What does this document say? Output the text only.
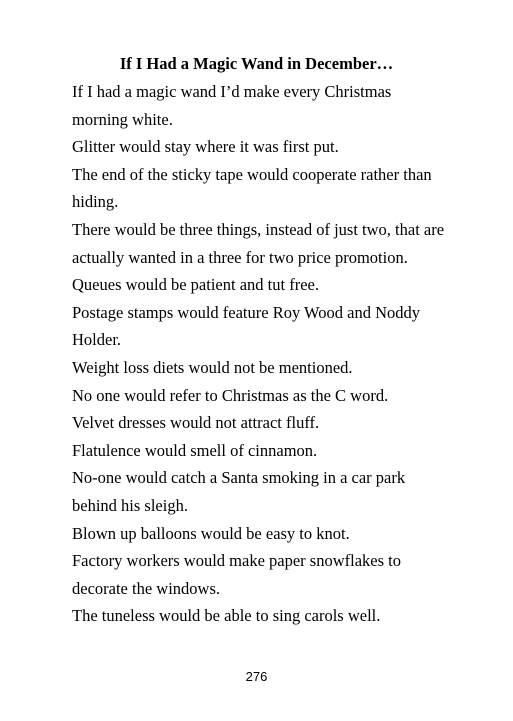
If I Had a Magic Wand in December…
If I had a magic wand I’d make every Christmas
morning white.
Glitter would stay where it was first put.
The end of the sticky tape would cooperate rather than
hiding.
There would be three things, instead of just two, that are
actually wanted in a three for two price promotion.
Queues would be patient and tut free.
Postage stamps would feature Roy Wood and Noddy
Holder.
Weight loss diets would not be mentioned.
No one would refer to Christmas as the C word.
Velvet dresses would not attract fluff.
Flatulence would smell of cinnamon.
No-one would catch a Santa smoking in a car park
behind his sleigh.
Blown up balloons would be easy to knot.
Factory workers would make paper snowflakes to
decorate the windows.
The tuneless would be able to sing carols well.
276
